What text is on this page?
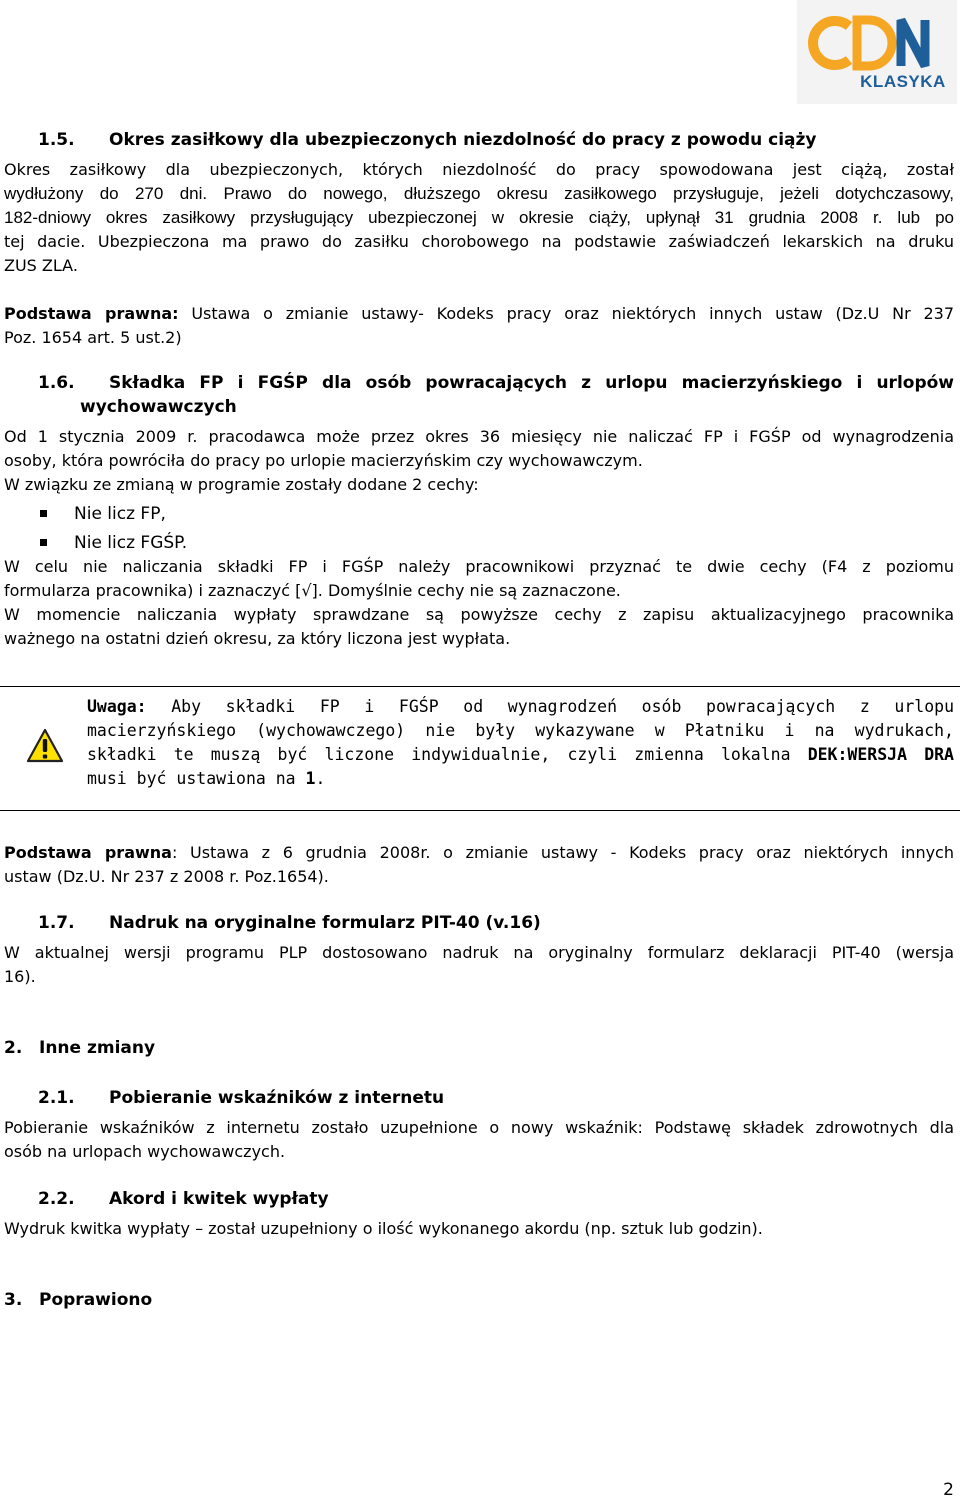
KLASYKA
1.5. Okres zasiłkowy dla ubezpieczonych niezdolność do pracy z powodu ciąży
Okres zasiłkowy dla ubezpieczonych, których niezdolność do pracy spowodowana jest ciążą, został
wydłużony do 270 dni. Prawo do nowego, dłuższego okresu zasiłkowego przysługuje, jeżeli dotychczasowy,
182-dniowy okres zasiłkowy przysługujący ubezpieczonej w okresie ciąży, upłynął 31 grudnia 2008 r. lub po
tej dacie. Ubezpieczona ma prawo do zasiłku chorobowego na podstawie zaświadczeń lekarskich na druku
ZUS ZLA.
Podstawa prawna: Ustawa o zmianie ustawy- Kodeks pracy oraz niektórych innych ustaw (Dz.U Nr 237
Poz. 1654 art. 5 ust.2)
1.6. Składka FP i FGŚP dla osób powracających z urlopu macierzyńskiego i urlopów
wychowawczych
Od 1 stycznia 2009 r. pracodawca może przez okres 36 miesięcy nie naliczać FP i FGŚP od wynagrodzenia
osoby, która powróciła do pracy po urlopie macierzyńskim czy wychowawczym.
W związku ze zmianą w programie zostały dodane 2 cechy:
Nie licz FP,
Nie licz FGŚP.
W celu nie naliczania składki FP i FGŚP należy pracownikowi przyznać te dwie cechy (F4 z poziomu
formularza pracownika) i zaznaczyć [√]. Domyślnie cechy nie są zaznaczone.
W momencie naliczania wypłaty sprawdzane są powyższe cechy z zapisu aktualizacyjnego pracownika
ważnego na ostatni dzień okresu, za który liczona jest wypłata.
Uwaga: Aby składki FP i FGŚP od wynagrodzeń osób powracających z urlopu
macierzyńskiego (wychowawczego) nie były wykazywane w Płatniku i na wydrukach,
składki te muszą być liczone indywidualnie, czyli zmienna lokalna DEK:WERSJA DRA
musi być ustawiona na 1.
Podstawa prawna: Ustawa z 6 grudnia 2008r. o zmianie ustawy - Kodeks pracy oraz niektórych innych
ustaw (Dz.U. Nr 237 z 2008 r. Poz.1654).
1.7. Nadruk na oryginalne formularz PIT-40 (v.16)
W aktualnej wersji programu PLP dostosowano nadruk na oryginalny formularz deklaracji PIT-40 (wersja
16).
2. Inne zmiany
2.1. Pobieranie wskaźników z internetu
Pobieranie wskaźników z internetu zostało uzupełnione o nowy wskaźnik: Podstawę składek zdrowotnych dla
osób na urlopach wychowawczych.
2.2. Akord i kwitek wypłaty
Wydruk kwitka wypłaty – został uzupełniony o ilość wykonanego akordu (np. sztuk lub godzin).
3. Poprawiono
2
